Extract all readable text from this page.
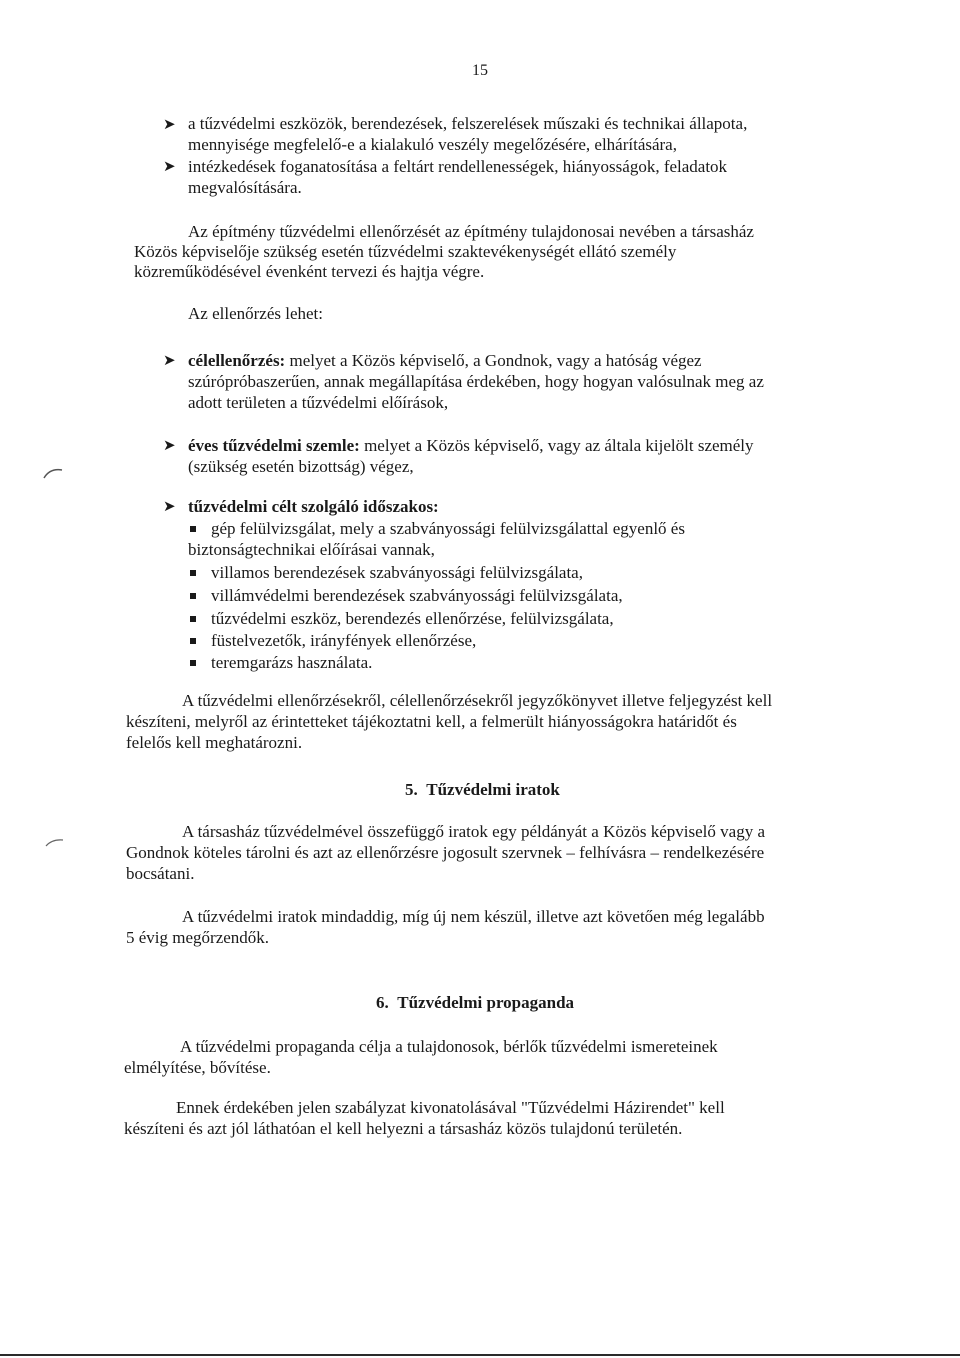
15
➤ a tűzvédelmi eszközök, berendezések, felszerelések műszaki és technikai állapota,
mennyisége megfelelő-e a kialakuló veszély megelőzésére, elhárítására,
➤ intézkedések foganatosítása a feltárt rendellenességek, hiányosságok, feladatok
megvalósítására.
Az építmény tűzvédelmi ellenőrzését az építmény tulajdonosai nevében a társasház
Közös képviselője szükség esetén tűzvédelmi szaktevékenységét ellátó személy
közreműködésével évenként tervezi és hajtja végre.
Az ellenőrzés lehet:
➤ célellenőrzés: melyet a Közös képviselő, a Gondnok, vagy a hatóság végez
szúrópróbaszerűen, annak megállapítása érdekében, hogy hogyan valósulnak meg az
adott területen a tűzvédelmi előírások,
➤ éves tűzvédelmi szemle: melyet a Közös képviselő, vagy az általa kijelölt személy
(szükség esetén bizottság) végez,
➤ tűzvédelmi célt szolgáló időszakos:
gép felülvizsgálat, mely a szabványossági felülvizsgálattal egyenlő és
biztonságtechnikai előírásai vannak,
villamos berendezések szabványossági felülvizsgálata,
villámvédelmi berendezések szabványossági felülvizsgálata,
tűzvédelmi eszköz, berendezés ellenőrzése, felülvizsgálata,
füstelvezetők, irányfények ellenőrzése,
teremgarázs használata.
A tűzvédelmi ellenőrzésekről, célellenőrzésekről jegyzőkönyvet illetve feljegyzést kell
készíteni, melyről az érintetteket tájékoztatni kell, a felmerült hiányosságokra határidőt és
felelős kell meghatározni.
5. Tűzvédelmi iratok
A társasház tűzvédelmével összefüggő iratok egy példányát a Közös képviselő vagy a
Gondnok köteles tárolni és azt az ellenőrzésre jogosult szervnek – felhívásra – rendelkezésére
bocsátani.
A tűzvédelmi iratok mindaddig, míg új nem készül, illetve azt követően még legalább
5 évig megőrzendők.
6. Tűzvédelmi propaganda
A tűzvédelmi propaganda célja a tulajdonosok, bérlők tűzvédelmi ismereteinek
elmélyítése, bővítése.
Ennek érdekében jelen szabályzat kivonatolásával "Tűzvédelmi Házirendet" kell
készíteni és azt jól láthatóan el kell helyezni a társasház közös tulajdonú területén.
